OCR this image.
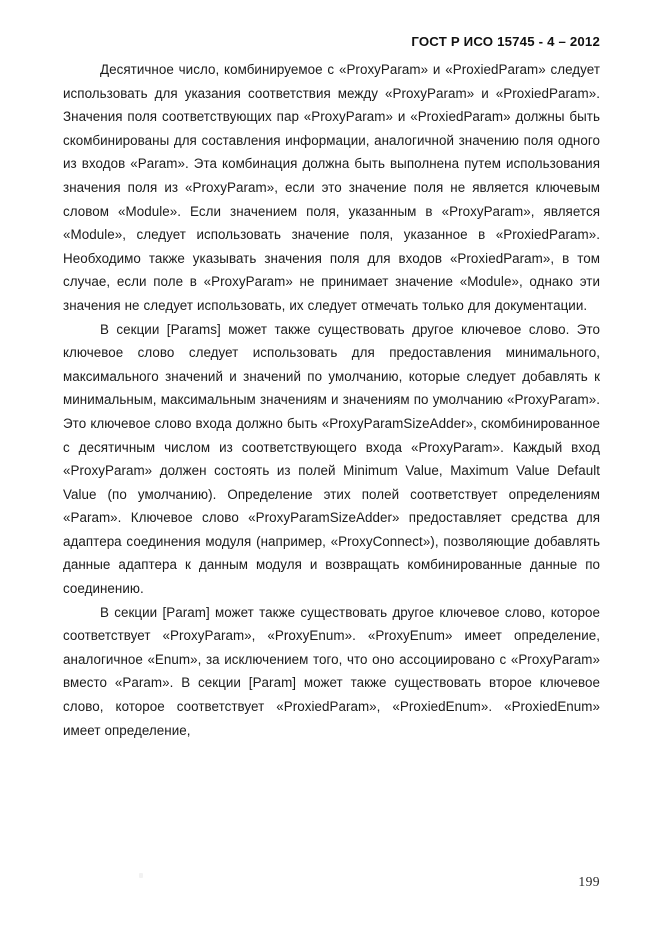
ГОСТ Р ИСО 15745 - 4 – 2012

Десятичное число, комбинируемое с «ProxyParam» и «ProxiedParam» следует использовать для указания соответствия между «ProxyParam» и «ProxiedParam». Значения поля соответствующих пар «ProxyParam» и «ProxiedParam» должны быть скомбинированы для составления информации, аналогичной значению поля одного из входов «Param». Эта комбинация должна быть выполнена путем использования значения поля из «ProxyParam», если это значение поля не является ключевым словом «Module». Если значением поля, указанным в «ProxyParam», является «Module», следует использовать значение поля, указанное в «ProxiedParam». Необходимо также указывать значения поля для входов «ProxiedParam», в том случае, если поле в «ProxyParam» не принимает значение «Module», однако эти значения не следует использовать, их следует отмечать только для документации.

В секции [Params] может также существовать другое ключевое слово. Это ключевое слово следует использовать для предоставления минимального, максимального значений и значений по умолчанию, которые следует добавлять к минимальным, максимальным значениям и значениям по умолчанию «ProxyParam». Это ключевое слово входа должно быть «ProxyParamSizeAdder», скомбинированное с десятичным числом из соответствующего входа «ProxyParam». Каждый вход «ProxyParam» должен состоять из полей Minimum Value, Maximum Value Default Value (по умолчанию). Определение этих полей соответствует определениям «Param». Ключевое слово «ProxyParamSizeAdder» предоставляет средства для адаптера соединения модуля (например, «ProxyConnect»), позволяющие добавлять данные адаптера к данным модуля и возвращать комбинированные данные по соединению.

В секции [Param] может также существовать другое ключевое слово, которое соответствует «ProxyParam», «ProxyEnum». «ProxyEnum» имеет определение, аналогичное «Enum», за исключением того, что оно ассоциировано с «ProxyParam» вместо «Param». В секции [Param] может также существовать второе ключевое слово, которое соответствует «ProxiedParam», «ProxiedEnum». «ProxiedEnum» имеет определение,

199
